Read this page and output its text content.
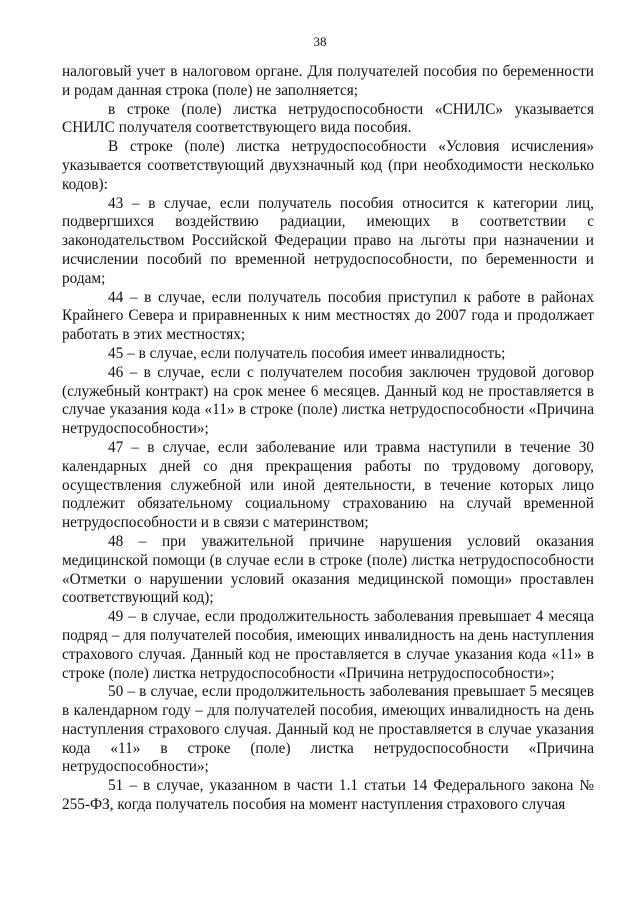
38

налоговый учет в налоговом органе. Для получателей пособия по беременности и родам данная строка (поле) не заполняется;

в строке (поле) листка нетрудоспособности «СНИЛС» указывается СНИЛС получателя соответствующего вида пособия.

В строке (поле) листка нетрудоспособности «Условия исчисления» указывается соответствующий двухзначный код (при необходимости несколько кодов):

43 – в случае, если получатель пособия относится к категории лиц, подвергшихся воздействию радиации, имеющих в соответствии с законодательством Российской Федерации право на льготы при назначении и исчислении пособий по временной нетрудоспособности, по беременности и родам;

44 – в случае, если получатель пособия приступил к работе в районах Крайнего Севера и приравненных к ним местностях до 2007 года и продолжает работать в этих местностях;

45 – в случае, если получатель пособия имеет инвалидность;

46 – в случае, если с получателем пособия заключен трудовой договор (служебный контракт) на срок менее 6 месяцев. Данный код не проставляется в случае указания кода «11» в строке (поле) листка нетрудоспособности «Причина нетрудоспособности»;

47 – в случае, если заболевание или травма наступили в течение 30 календарных дней со дня прекращения работы по трудовому договору, осуществления служебной или иной деятельности, в течение которых лицо подлежит обязательному социальному страхованию на случай временной нетрудоспособности и в связи с материнством;

48 – при уважительной причине нарушения условий оказания медицинской помощи (в случае если в строке (поле) листка нетрудоспособности «Отметки о нарушении условий оказания медицинской помощи» проставлен соответствующий код);

49 – в случае, если продолжительность заболевания превышает 4 месяца подряд – для получателей пособия, имеющих инвалидность на день наступления страхового случая. Данный код не проставляется в случае указания кода «11» в строке (поле) листка нетрудоспособности «Причина нетрудоспособности»;

50 – в случае, если продолжительность заболевания превышает 5 месяцев в календарном году – для получателей пособия, имеющих инвалидность на день наступления страхового случая. Данный код не проставляется в случае указания кода «11» в строке (поле) листка нетрудоспособности «Причина нетрудоспособности»;

51 – в случае, указанном в части 1.1 статьи 14 Федерального закона № 255-ФЗ, когда получатель пособия на момент наступления страхового случая
